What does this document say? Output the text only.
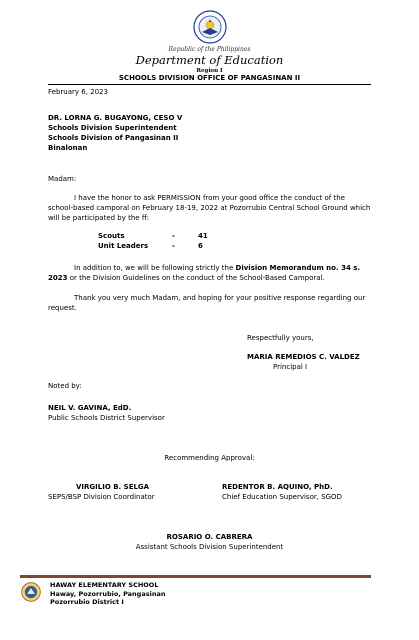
Republic of the Philippines
Department of Education
Region I
SCHOOLS DIVISION OFFICE OF PANGASINAN II
February 6, 2023
DR. LORNA G. BUGAYONG, CESO V
Schools Division Superintendent
Schools Division of Pangasinan II
Binalonan
Madam:
I have the honor to ask PERMISSION from your good office the conduct of the school-based camporal on February 18-19, 2022 at Pozorrubio Central School Ground which will be participated by the ff:
Scouts	-	41
Unit Leaders	-	6
In addition to, we will be following strictly the Division Memorandum no. 34 s. 2023 or the Division Guidelines on the conduct of the School-Based Camporal.
Thank you very much Madam, and hoping for your positive response regarding our request.
Respectfully yours,
MARIA REMEDIOS C. VALDEZ
Principal I
Noted by:
NEIL V. GAVINA, EdD.
Public Schools District Supervisor
Recommending Approval:
VIRGILIO B. SELGA
SEPS/BSP Division Coordinator
REDENTOR B. AQUINO, PhD.
Chief Education Supervisor, SGOD
ROSARIO O. CABRERA
Assistant Schools Division Superintendent
HAWAY ELEMENTARY SCHOOL
Haway, Pozorrubio, Pangasinan
Pozorrubio District I
